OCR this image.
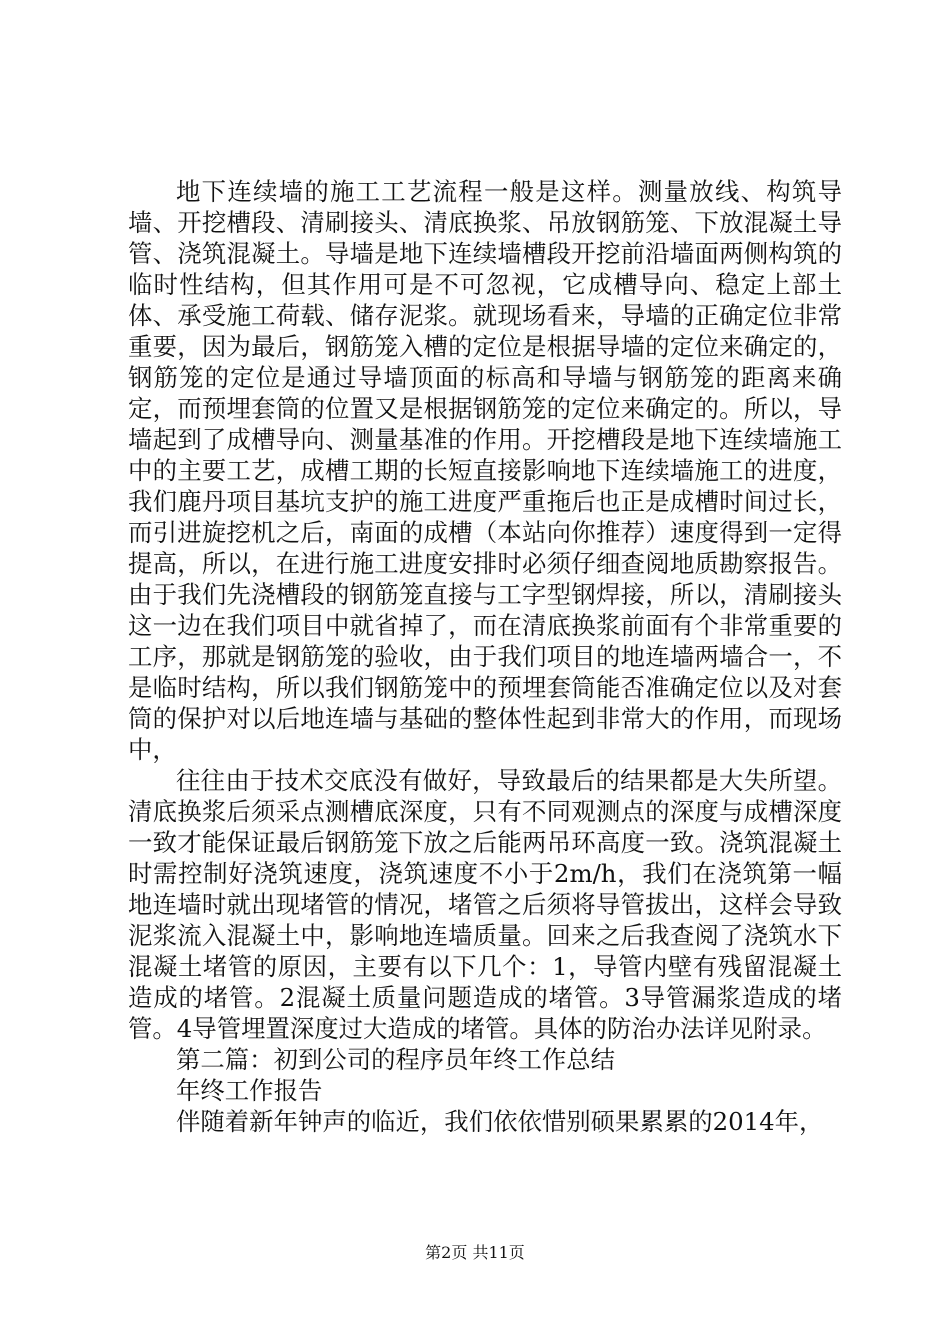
地下连续墙的施工工艺流程一般是这样。测量放线、构筑导墙、开挖槽段、清刷接头、清底换浆、吊放钢筋笼、下放混凝土导管、浇筑混凝土。导墙是地下连续墙槽段开挖前沿墙面两侧构筑的临时性结构，但其作用可是不可忽视，它成槽导向、稳定上部土体、承受施工荷载、储存泥浆。就现场看来，导墙的正确定位非常重要，因为最后，钢筋笼入槽的定位是根据导墙的定位来确定的，钢筋笼的定位是通过导墙顶面的标高和导墙与钢筋笼的距离来确定，而预埋套筒的位置又是根据钢筋笼的定位来确定的。所以，导墙起到了成槽导向、测量基准的作用。开挖槽段是地下连续墙施工中的主要工艺，成槽工期的长短直接影响地下连续墙施工的进度，我们鹿丹项目基坑支护的施工进度严重拖后也正是成槽时间过长，而引进旋挖机之后，南面的成槽（本站向你推荐）速度得到一定得提高，所以，在进行施工进度安排时必须仔细查阅地质勘察报告。由于我们先浇槽段的钢筋笼直接与工字型钢焊接，所以，清刷接头这一边在我们项目中就省掉了，而在清底换浆前面有个非常重要的工序，那就是钢筋笼的验收，由于我们项目的地连墙两墙合一，不是临时结构，所以我们钢筋笼中的预埋套筒能否准确定位以及对套筒的保护对以后地连墙与基础的整体性起到非常大的作用，而现场中，

往往由于技术交底没有做好，导致最后的结果都是大失所望。清底换浆后须采点测槽底深度，只有不同观测点的深度与成槽深度一致才能保证最后钢筋笼下放之后能两吊环高度一致。浇筑混凝土时需控制好浇筑速度，浇筑速度不小于2m/h，我们在浇筑第一幅地连墙时就出现堵管的情况，堵管之后须将导管拔出，这样会导致泥浆流入混凝土中，影响地连墙质量。回来之后我查阅了浇筑水下混凝土堵管的原因，主要有以下几个：1，导管内壁有残留混凝土造成的堵管。2混凝土质量问题造成的堵管。3导管漏浆造成的堵管。4导管埋置深度过大造成的堵管。具体的防治办法详见附录。

第二篇：初到公司的程序员年终工作总结

年终工作报告

伴随着新年钟声的临近，我们依依惜别硕果累累的2014年，

第2页 共11页
